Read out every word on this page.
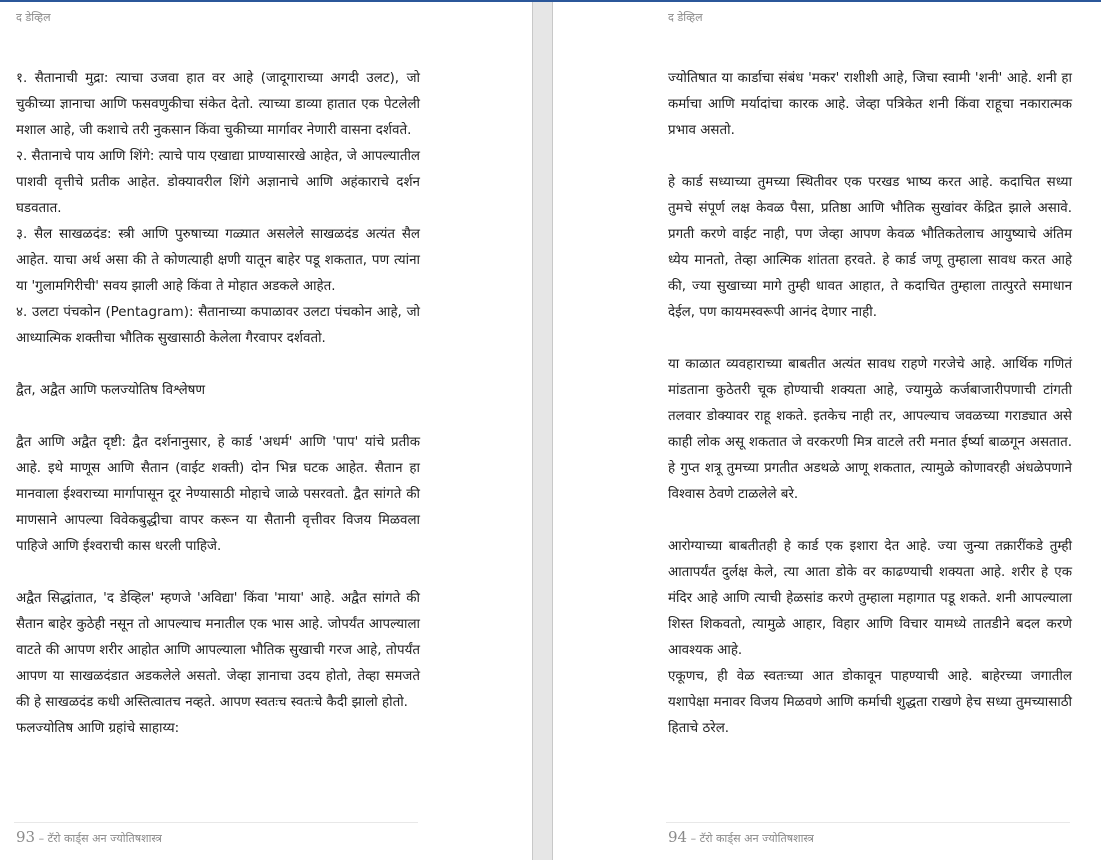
द डेव्हिल

१. सैतानाची मुद्रा: त्याचा उजवा हात वर आहे (जादूगाराच्या अगदी उलट), जो चुकीच्या ज्ञानाचा आणि फसवणुकीचा संकेत देतो. त्याच्या डाव्या हातात एक पेटलेली मशाल आहे, जी कशाचे तरी नुकसान किंवा चुकीच्या मार्गावर नेणारी वासना दर्शवते.

२. सैतानाचे पाय आणि शिंगे: त्याचे पाय एखाद्या प्राण्यासारखे आहेत, जे आपल्यातील पाशवी वृत्तीचे प्रतीक आहेत. डोक्यावरील शिंगे अज्ञानाचे आणि अहंकाराचे दर्शन घडवतात.

३. सैल साखळदंड: स्त्री आणि पुरुषाच्या गळ्यात असलेले साखळदंड अत्यंत सैल आहेत. याचा अर्थ असा की ते कोणत्याही क्षणी यातून बाहेर पडू शकतात, पण त्यांना या 'गुलामगिरीची' सवय झाली आहे किंवा ते मोहात अडकले आहेत.

४. उलटा पंचकोन (Pentagram): सैतानाच्या कपाळावर उलटा पंचकोन आहे, जो आध्यात्मिक शक्तीचा भौतिक सुखासाठी केलेला गैरवापर दर्शवतो.

द्वैत, अद्वैत आणि फलज्योतिष विश्लेषण

द्वैत आणि अद्वैत दृष्टी: द्वैत दर्शनानुसार, हे कार्ड 'अधर्म' आणि 'पाप' यांचे प्रतीक आहे. इथे माणूस आणि सैतान (वाईट शक्ती) दोन भिन्न घटक आहेत. सैतान हा मानवाला ईश्वराच्या मार्गापासून दूर नेण्यासाठी मोहाचे जाळे पसरवतो. द्वैत सांगते की माणसाने आपल्या विवेकबुद्धीचा वापर करून या सैतानी वृत्तीवर विजय मिळवला पाहिजे आणि ईश्वराची कास धरली पाहिजे.

अद्वैत सिद्धांतात, 'द डेव्हिल' म्हणजे 'अविद्या' किंवा 'माया' आहे. अद्वैत सांगते की सैतान बाहेर कुठेही नसून तो आपल्याच मनातील एक भास आहे. जोपर्यंत आपल्याला वाटते की आपण शरीर आहोत आणि आपल्याला भौतिक सुखाची गरज आहे, तोपर्यंत आपण या साखळदंडात अडकलेले असतो. जेव्हा ज्ञानाचा उदय होतो, तेव्हा समजते की हे साखळदंड कधी अस्तित्वातच नव्हते. आपण स्वतःच स्वतःचे कैदी झालो होतो.

फलज्योतिष आणि ग्रहांचे साहाय्य:

93 – टॅरो कार्ड्स अन ज्योतिषशास्त्र
द डेव्हिल

ज्योतिषात या कार्डाचा संबंध 'मकर' राशीशी आहे, जिचा स्वामी 'शनी' आहे. शनी हा कर्माचा आणि मर्यादांचा कारक आहे. जेव्हा पत्रिकेत शनी किंवा राहूचा नकारात्मक प्रभाव असतो.

हे कार्ड सध्याच्या तुमच्या स्थितीवर एक परखड भाष्य करत आहे. कदाचित सध्या तुमचे संपूर्ण लक्ष केवळ पैसा, प्रतिष्ठा आणि भौतिक सुखांवर केंद्रित झाले असावे. प्रगती करणे वाईट नाही, पण जेव्हा आपण केवळ भौतिकतेलाच आयुष्याचे अंतिम ध्येय मानतो, तेव्हा आत्मिक शांतता हरवते. हे कार्ड जणू तुम्हाला सावध करत आहे की, ज्या सुखाच्या मागे तुम्ही धावत आहात, ते कदाचित तुम्हाला तात्पुरते समाधान देईल, पण कायमस्वरूपी आनंद देणार नाही.

या काळात व्यवहाराच्या बाबतीत अत्यंत सावध राहणे गरजेचे आहे. आर्थिक गणितं मांडताना कुठेतरी चूक होण्याची शक्यता आहे, ज्यामुळे कर्जबाजारीपणाची टांगती तलवार डोक्यावर राहू शकते. इतकेच नाही तर, आपल्याच जवळच्या गराड्यात असे काही लोक असू शकतात जे वरकरणी मित्र वाटले तरी मनात ईर्ष्या बाळगून असतात. हे गुप्त शत्रू तुमच्या प्रगतीत अडथळे आणू शकतात, त्यामुळे कोणावरही अंधळेपणाने विश्वास ठेवणे टाळलेले बरे.

आरोग्याच्या बाबतीतही हे कार्ड एक इशारा देत आहे. ज्या जुन्या तक्रारींकडे तुम्ही आतापर्यंत दुर्लक्ष केले, त्या आता डोके वर काढण्याची शक्यता आहे. शरीर हे एक मंदिर आहे आणि त्याची हेळसांड करणे तुम्हाला महागात पडू शकते. शनी आपल्याला शिस्त शिकवतो, त्यामुळे आहार, विहार आणि विचार यामध्ये तातडीने बदल करणे आवश्यक आहे.

एकूणच, ही वेळ स्वतःच्या आत डोकावून पाहण्याची आहे. बाहेरच्या जगातील यशापेक्षा मनावर विजय मिळवणे आणि कर्माची शुद्धता राखणे हेच सध्या तुमच्यासाठी हिताचे ठरेल.

94 – टॅरो कार्ड्स अन ज्योतिषशास्त्र
